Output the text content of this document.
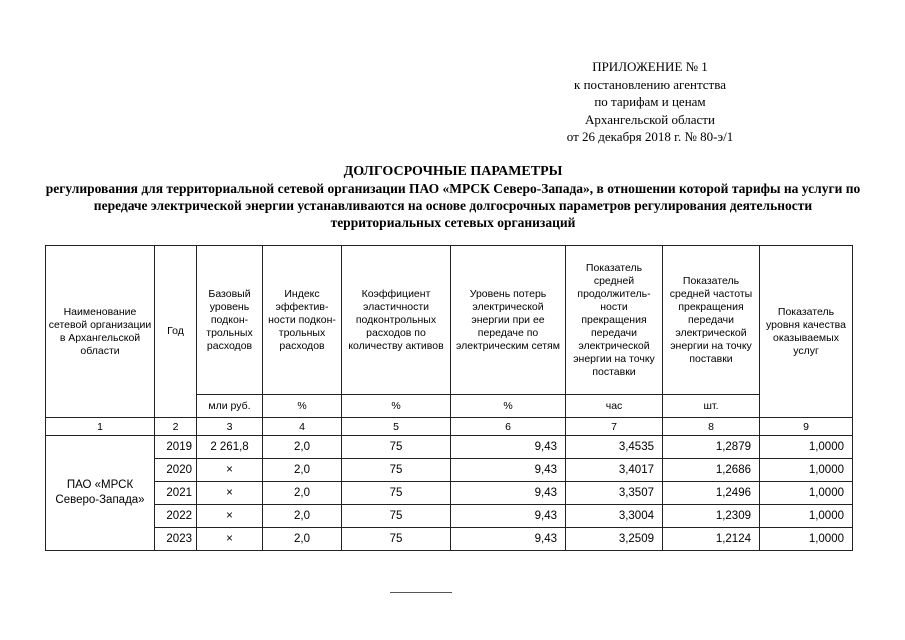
ПРИЛОЖЕНИЕ № 1
к постановлению агентства
по тарифам и ценам
Архангельской области
от 26 декабря 2018 г. № 80-э/1
ДОЛГОСРОЧНЫЕ ПАРАМЕТРЫ
регулирования для территориальной сетевой организации ПАО «МРСК Северо-Запада», в отношении которой тарифы на услуги по передаче электрической энергии устанавливаются на основе долгосрочных параметров регулирования деятельности территориальных сетевых организаций
Наименование сетевой организации в Архангельской области	Год	Базовый уровень подкон-трольных расходов	Индекс эффектив-ности подкон-трольных расходов	Коэффициент эластичности подконтрольных расходов по количеству активов	Уровень потерь электрической энергии при ее передаче по электрическим сетям	Показатель средней продолжитель-ности прекращения передачи электрической энергии на точку поставки	Показатель средней частоты прекращения передачи электрической энергии на точку поставки	Показатель уровня качества оказываемых услуг
		мли руб.	%	%	%	час	шт.	
1	2	3	4	5	6	7	8	9
ПАО «МРСК Северо-Запада»	2019	2 261,8	2,0	75	9,43	3,4535	1,2879	1,0000
	2020	×	2,0	75	9,43	3,4017	1,2686	1,0000
	2021	×	2,0	75	9,43	3,3507	1,2496	1,0000
	2022	×	2,0	75	9,43	3,3004	1,2309	1,0000
	2023	×	2,0	75	9,43	3,2509	1,2124	1,0000
